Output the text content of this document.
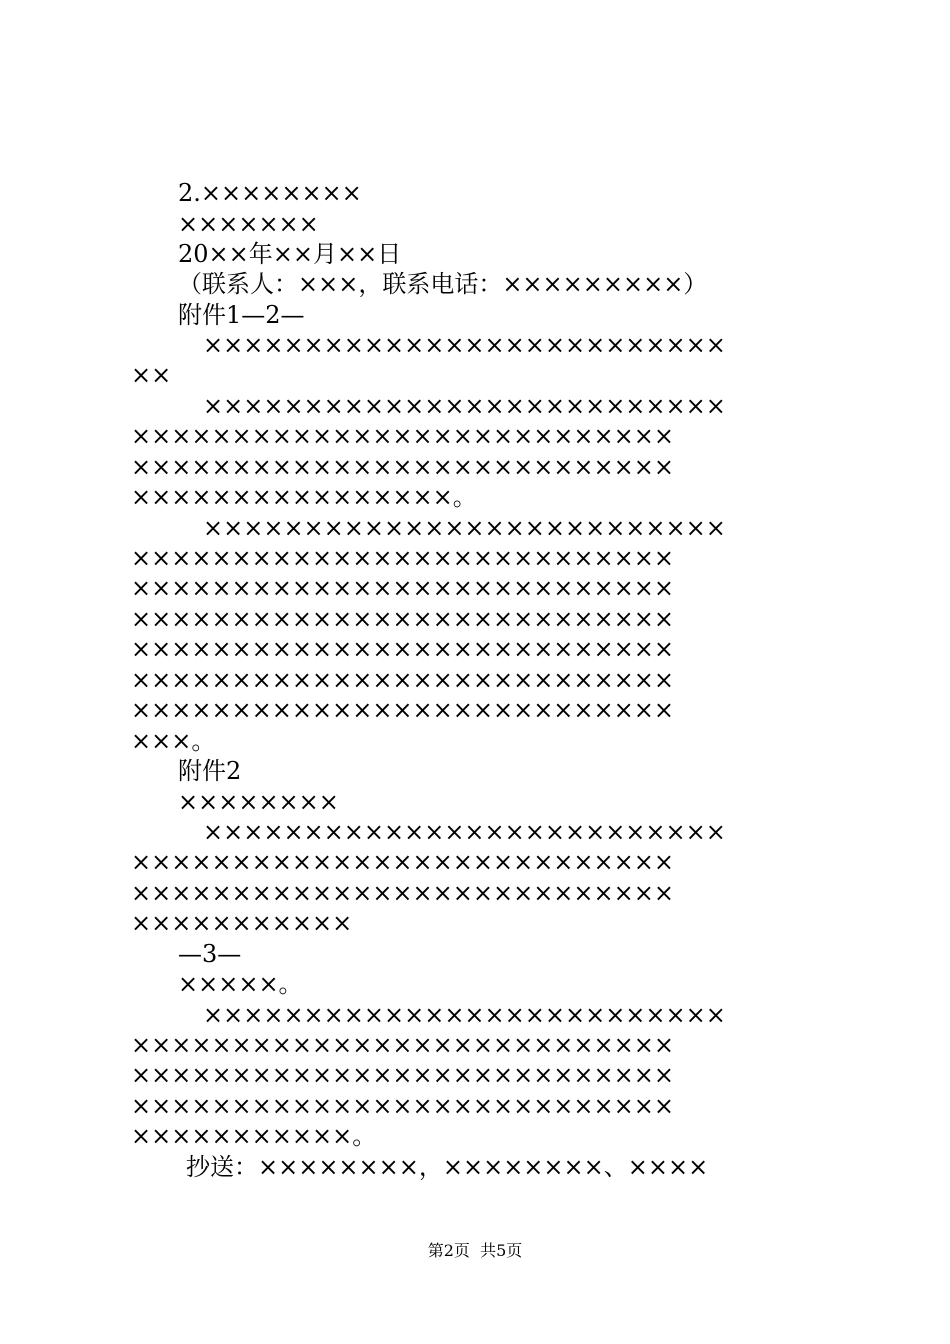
2.××××××××
×××××××
20××年××月××日
（联系人：×××，联系电话：×××××××××）
附件1—2—
××××××××××××××××××××××××××
××
××××××××××××××××××××××××××
×××××××××××××××××××××××××××
×××××××××××××××××××××××××××
××××××××××××××××。
××××××××××××××××××××××××××
×××××××××××××××××××××××××××
×××××××××××××××××××××××××××
×××××××××××××××××××××××××××
×××××××××××××××××××××××××××
×××××××××××××××××××××××××××
×××××××××××××××××××××××××××
×××。
附件2
××××××××
××××××××××××××××××××××××××
×××××××××××××××××××××××××××
×××××××××××××××××××××××××××
×××××××××××
—3—
×××××。
××××××××××××××××××××××××××
×××××××××××××××××××××××××××
×××××××××××××××××××××××××××
×××××××××××××××××××××××××××
×××××××××××。
抄送：××××××××，××××××××、××××
第2页  共5页
